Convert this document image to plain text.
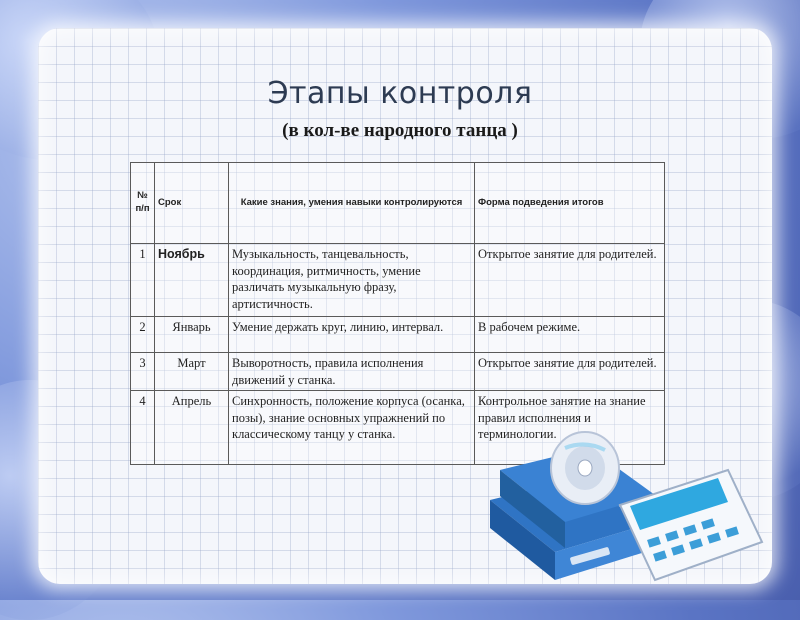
Этапы контроля
(в кол-ве народного танца )
№ п/п	Срок	Какие знания, умения навыки контролируются	Форма подведения итогов
1	Ноябрь	Музыкальность, танцевальность, координация, ритмичность, умение различать музыкальную фразу, артистичность.	Открытое занятие для родителей.
2	Январь	Умение держать круг, линию, интервал.	В рабочем режиме.
3	Март	Выворотность, правила исполнения движений у станка.	Открытое занятие для родителей.
4	Апрель	Синхронность, положение корпуса (осанка, позы), знание основных упражнений по классическому танцу у станка.	Контрольное занятие на знание правил исполнения и терминологии.
